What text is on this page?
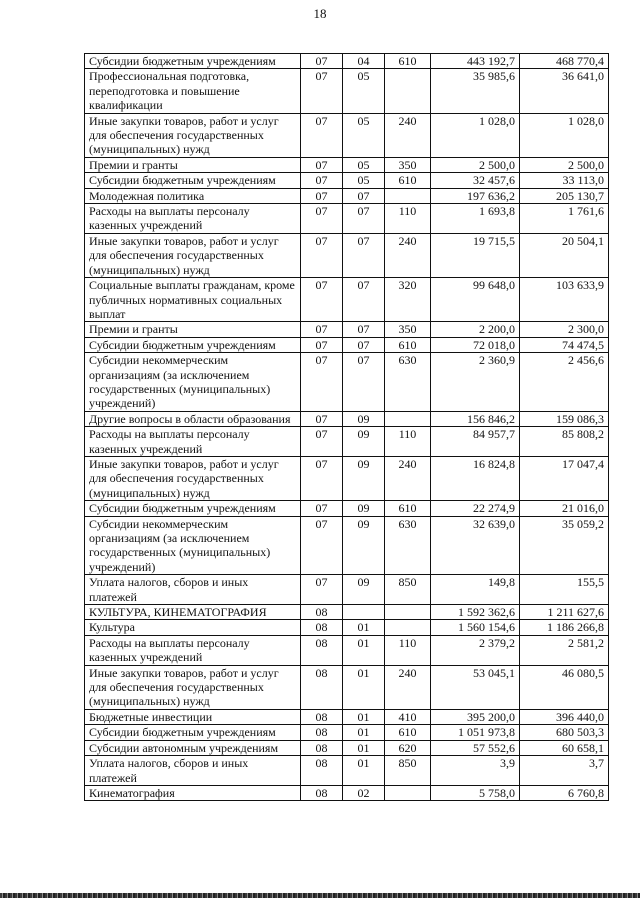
18
Субсидии бюджетным учреждениям	07	04	610	443 192,7	468 770,4
Профессиональная подготовка, переподготовка и повышение квалификации	07	05		35 985,6	36 641,0
Иные закупки товаров, работ и услуг для обеспечения государственных (муниципальных) нужд	07	05	240	1 028,0	1 028,0
Премии и гранты	07	05	350	2 500,0	2 500,0
Субсидии бюджетным учреждениям	07	05	610	32 457,6	33 113,0
Молодежная политика	07	07		197 636,2	205 130,7
Расходы на выплаты персоналу казенных учреждений	07	07	110	1 693,8	1 761,6
Иные закупки товаров, работ и услуг для обеспечения государственных (муниципальных) нужд	07	07	240	19 715,5	20 504,1
Социальные выплаты гражданам, кроме публичных нормативных социальных выплат	07	07	320	99 648,0	103 633,9
Премии и гранты	07	07	350	2 200,0	2 300,0
Субсидии бюджетным учреждениям	07	07	610	72 018,0	74 474,5
Субсидии некоммерческим организациям (за исключением государственных (муниципальных) учреждений)	07	07	630	2 360,9	2 456,6
Другие вопросы в области образования	07	09		156 846,2	159 086,3
Расходы на выплаты персоналу казенных учреждений	07	09	110	84 957,7	85 808,2
Иные закупки товаров, работ и услуг для обеспечения государственных (муниципальных) нужд	07	09	240	16 824,8	17 047,4
Субсидии бюджетным учреждениям	07	09	610	22 274,9	21 016,0
Субсидии некоммерческим организациям (за исключением государственных (муниципальных) учреждений)	07	09	630	32 639,0	35 059,2
Уплата налогов, сборов и иных платежей	07	09	850	149,8	155,5
КУЛЬТУРА, КИНЕМАТОГРАФИЯ	08			1 592 362,6	1 211 627,6
Культура	08	01		1 560 154,6	1 186 266,8
Расходы на выплаты персоналу казенных учреждений	08	01	110	2 379,2	2 581,2
Иные закупки товаров, работ и услуг для обеспечения государственных (муниципальных) нужд	08	01	240	53 045,1	46 080,5
Бюджетные инвестиции	08	01	410	395 200,0	396 440,0
Субсидии бюджетным учреждениям	08	01	610	1 051 973,8	680 503,3
Субсидии автономным учреждениям	08	01	620	57 552,6	60 658,1
Уплата налогов, сборов и иных платежей	08	01	850	3,9	3,7
Кинематография	08	02		5 758,0	6 760,8
